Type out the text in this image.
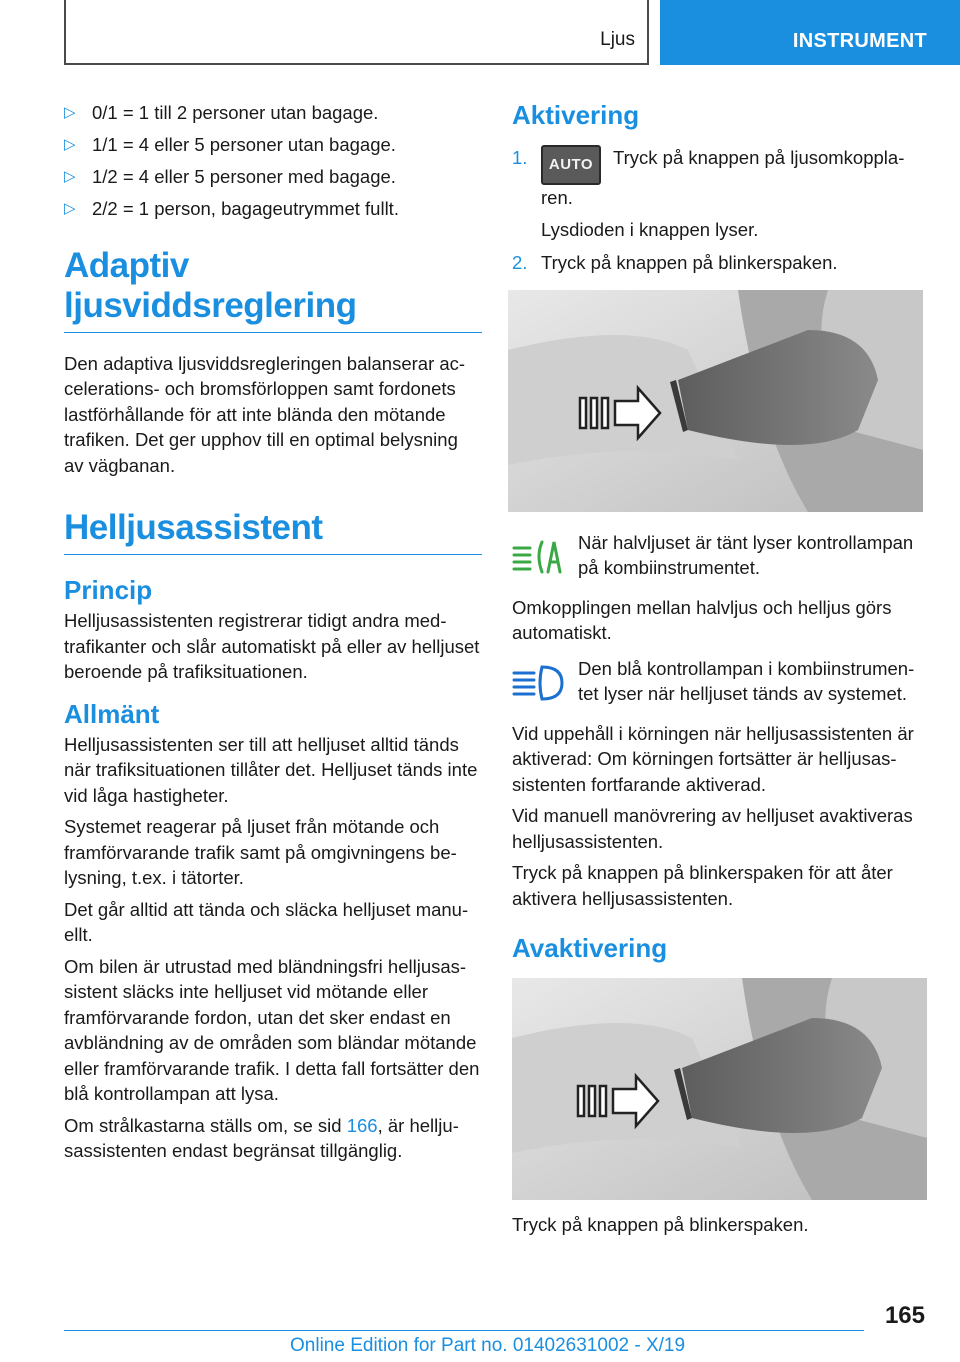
Ljus	INSTRUMENT
▷ 0/1 = 1 till 2 personer utan bagage.
▷ 1/1 = 4 eller 5 personer utan bagage.
▷ 1/2 = 4 eller 5 personer med bagage.
▷ 2/2 = 1 person, bagageutrymmet fullt.
Adaptiv ljusviddsreglering

Den adaptiva ljusviddsregleringen balanserar accelerations- och bromsförloppen samt fordonets lastförhållande för att inte blända den mötande trafiken. Det ger upphov till en optimal belysning av vägbanan.

Helljusassistent
Princip

Helljusassistenten registrerar tidigt andra medtrafikanter och slår automatiskt på eller av helljuset beroende på trafiksituationen.

Allmänt

Helljusassistenten ser till att helljuset alltid tänds när trafiksituationen tillåter det. Helljuset tänds inte vid låga hastigheter.

Systemet reagerar på ljuset från mötande och framförvarande trafik samt på omgivningens belysning, t.ex. i tätorter.

Det går alltid att tända och släcka helljuset manuellt.

Om bilen är utrustad med bländningsfri helljusassistent släcks inte helljuset vid mötande eller framförvarande fordon, utan det sker endast en avbländning av de områden som bländar mötande eller framförvarande trafik. I detta fall fortsätter den blå kontrollampan att lysa.

Om strålkastarna ställs om, se sid 166, är helljusassistenten endast begränsat tillgänglig.

Aktivering
1.	AUTO Tryck på knappen på ljusomkopplaren.
Lysdioden i knappen lyser.
2. Tryck på knappen på blinkerspaken.
När halvljuset är tänt lyser kontrollampan på kombiinstrumentet.

Omkopplingen mellan halvljus och helljus görs automatiskt.

Den blå kontrollampan i kombiinstrumentet lyser när helljuset tänds av systemet.

Vid uppehåll i körningen när helljusassistenten är aktiverad: Om körningen fortsätter är helljusassistenten fortfarande aktiverad.

Vid manuell manövrering av helljuset avaktiveras helljusassistenten.

Tryck på knappen på blinkerspaken för att åter aktivera helljusassistenten.

Avaktivering

Tryck på knappen på blinkerspaken.

165
Online Edition for Part no. 01402631002 - X/19
